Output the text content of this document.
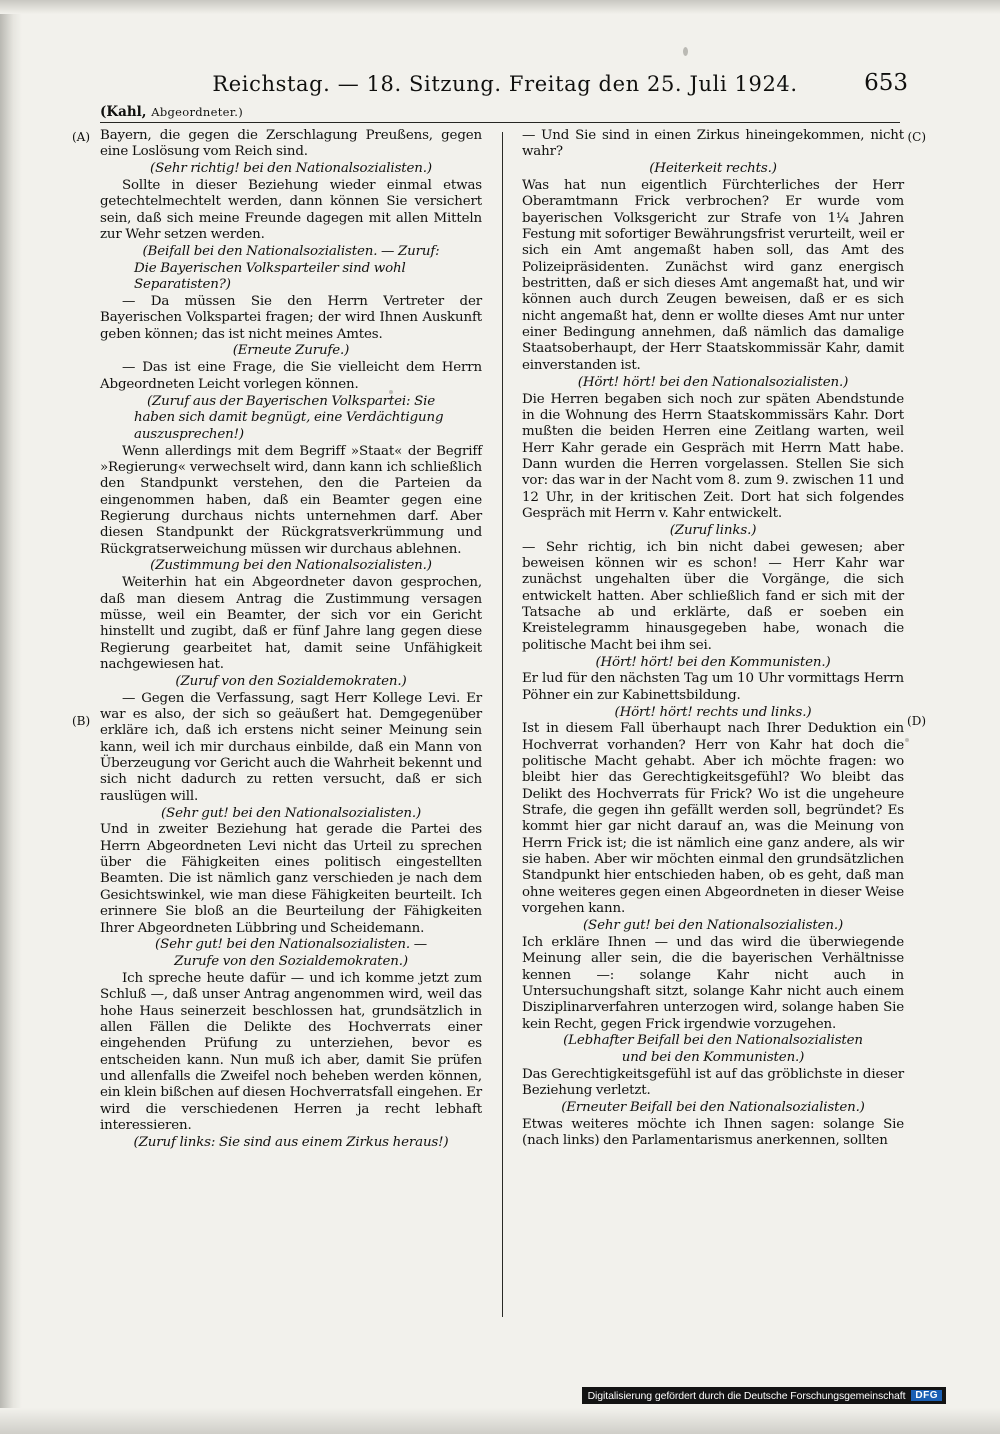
Reichstag. — 18. Sitzung. Freitag den 25. Juli 1924.	653
(Kahl, Abgeordneter.)
(A)
(B)
(C)
(D)

Bayern, die gegen die Zerschlagung Preußens, gegen eine Loslösung vom Reich sind.

(Sehr richtig! bei den Nationalsozialisten.)

Sollte in dieser Beziehung wieder einmal etwas getechtelmechtelt werden, dann können Sie versichert sein, daß sich meine Freunde dagegen mit allen Mitteln zur Wehr setzen werden.

(Beifall bei den Nationalsozialisten. — Zuruf:

Die Bayerischen Volksparteiler sind wohl Separatisten?)

— Da müssen Sie den Herrn Vertreter der Bayerischen Volkspartei fragen; der wird Ihnen Auskunft geben können; das ist nicht meines Amtes.

(Erneute Zurufe.)

— Das ist eine Frage, die Sie vielleicht dem Herrn Abgeordneten Leicht vorlegen können.

(Zuruf aus der Bayerischen Volkspartei: Sie

haben sich damit begnügt, eine Verdächtigung auszusprechen!)

Wenn allerdings mit dem Begriff »Staat« der Begriff »Regierung« verwechselt wird, dann kann ich schließlich den Standpunkt verstehen, den die Parteien da eingenommen haben, daß ein Beamter gegen eine Regierung durchaus nichts unternehmen darf. Aber diesen Standpunkt der Rückgratsverkrümmung und Rückgratserweichung müssen wir durchaus ablehnen.

(Zustimmung bei den Nationalsozialisten.)

Weiterhin hat ein Abgeordneter davon gesprochen, daß man diesem Antrag die Zustimmung versagen müsse, weil ein Beamter, der sich vor ein Gericht hinstellt und zugibt, daß er fünf Jahre lang gegen diese Regierung gearbeitet hat, damit seine Unfähigkeit nachgewiesen hat.

(Zuruf von den Sozialdemokraten.)

— Gegen die Verfassung, sagt Herr Kollege Levi. Er war es also, der sich so geäußert hat. Demgegenüber erkläre ich, daß ich erstens nicht seiner Meinung sein kann, weil ich mir durchaus einbilde, daß ein Mann von Überzeugung vor Gericht auch die Wahrheit bekennt und sich nicht dadurch zu retten versucht, daß er sich rauslügen will.

(Sehr gut! bei den Nationalsozialisten.)

Und in zweiter Beziehung hat gerade die Partei des Herrn Abgeordneten Levi nicht das Urteil zu sprechen über die Fähigkeiten eines politisch eingestellten Beamten. Die ist nämlich ganz verschieden je nach dem Gesichtswinkel, wie man diese Fähigkeiten beurteilt. Ich erinnere Sie bloß an die Beurteilung der Fähigkeiten Ihrer Abgeordneten Lübbring und Scheidemann.

(Sehr gut! bei den Nationalsozialisten. —

Zurufe von den Sozialdemokraten.)

Ich spreche heute dafür — und ich komme jetzt zum Schluß —, daß unser Antrag angenommen wird, weil das hohe Haus seinerzeit beschlossen hat, grundsätzlich in allen Fällen die Delikte des Hochverrats einer eingehenden Prüfung zu unterziehen, bevor es entscheiden kann. Nun muß ich aber, damit Sie prüfen und allenfalls die Zweifel noch beheben werden können, ein klein bißchen auf diesen Hochverratsfall eingehen. Er wird die verschiedenen Herren ja recht lebhaft interessieren.

(Zuruf links: Sie sind aus einem Zirkus heraus!)

— Und Sie sind in einen Zirkus hineingekommen, nicht wahr?

(Heiterkeit rechts.)

Was hat nun eigentlich Fürchterliches der Herr Oberamtmann Frick verbrochen? Er wurde vom bayerischen Volksgericht zur Strafe von 1¼ Jahren Festung mit sofortiger Bewährungsfrist verurteilt, weil er sich ein Amt angemaßt haben soll, das Amt des Polizeipräsidenten. Zunächst wird ganz energisch bestritten, daß er sich dieses Amt angemaßt hat, und wir können auch durch Zeugen beweisen, daß er es sich nicht angemaßt hat, denn er wollte dieses Amt nur unter einer Bedingung annehmen, daß nämlich das damalige Staatsoberhaupt, der Herr Staatskommissär Kahr, damit einverstanden ist.

(Hört! hört! bei den Nationalsozialisten.)

Die Herren begaben sich noch zur späten Abendstunde in die Wohnung des Herrn Staatskommissärs Kahr. Dort mußten die beiden Herren eine Zeitlang warten, weil Herr Kahr gerade ein Gespräch mit Herrn Matt habe. Dann wurden die Herren vorgelassen. Stellen Sie sich vor: das war in der Nacht vom 8. zum 9. zwischen 11 und 12 Uhr, in der kritischen Zeit. Dort hat sich folgendes Gespräch mit Herrn v. Kahr entwickelt.

(Zuruf links.)

— Sehr richtig, ich bin nicht dabei gewesen; aber beweisen können wir es schon! — Herr Kahr war zunächst ungehalten über die Vorgänge, die sich entwickelt hatten. Aber schließlich fand er sich mit der Tatsache ab und erklärte, daß er soeben ein Kreistelegramm hinausgegeben habe, wonach die politische Macht bei ihm sei.

(Hört! hört! bei den Kommunisten.)

Er lud für den nächsten Tag um 10 Uhr vormittags Herrn Pöhner ein zur Kabinettsbildung.

(Hört! hört! rechts und links.)

Ist in diesem Fall überhaupt nach Ihrer Deduktion ein Hochverrat vorhanden? Herr von Kahr hat doch die politische Macht gehabt. Aber ich möchte fragen: wo bleibt hier das Gerechtigkeitsgefühl? Wo bleibt das Delikt des Hochverrats für Frick? Wo ist die ungeheure Strafe, die gegen ihn gefällt werden soll, begründet? Es kommt hier gar nicht darauf an, was die Meinung von Herrn Frick ist; die ist nämlich eine ganz andere, als wir sie haben. Aber wir möchten einmal den grundsätzlichen Standpunkt hier entschieden haben, ob es geht, daß man ohne weiteres gegen einen Abgeordneten in dieser Weise vorgehen kann.

(Sehr gut! bei den Nationalsozialisten.)

Ich erkläre Ihnen — und das wird die überwiegende Meinung aller sein, die die bayerischen Verhältnisse kennen —: solange Kahr nicht auch in Untersuchungshaft sitzt, solange Kahr nicht auch einem Disziplinarverfahren unterzogen wird, solange haben Sie kein Recht, gegen Frick irgendwie vorzugehen.

(Lebhafter Beifall bei den Nationalsozialisten

und bei den Kommunisten.)

Das Gerechtigkeitsgefühl ist auf das gröblichste in dieser Beziehung verletzt.

(Erneuter Beifall bei den Nationalsozialisten.)

Etwas weiteres möchte ich Ihnen sagen: solange Sie (nach links) den Parlamentarismus anerkennen, sollten

Digitalisierung gefördert durch die Deutsche Forschungsgemeinschaft	DFG
